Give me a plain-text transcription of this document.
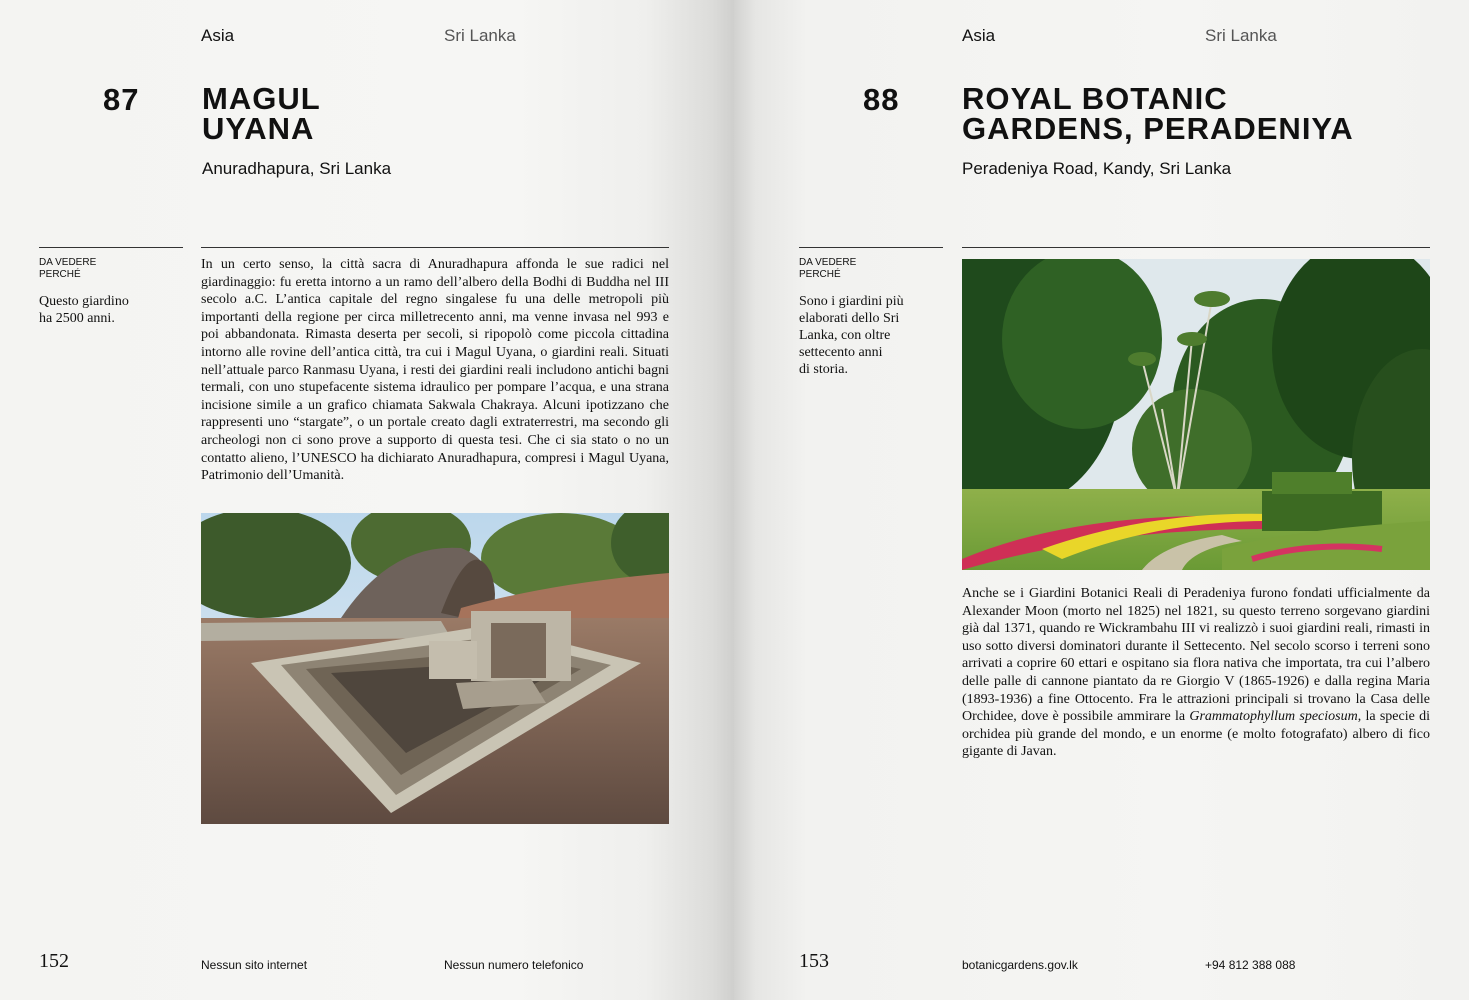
Asia	Sri Lanka
87 MAGUL
UYANA
Anuradhapura, Sri Lanka
DA VEDERE
PERCHÉ
Questo giardino
ha 2500 anni.

In un certo senso, la città sacra di Anuradhapura affonda le sue radici nel giardinaggio: fu eretta intorno a un ramo dell’albero della Bodhi di Buddha nel III secolo a.C. L’antica capitale del regno singalese fu una delle metropoli più importanti della regione per circa milletrecento anni, ma venne invasa nel 993 e poi abbandonata. Rimasta deserta per secoli, si ripopolò come piccola cittadina intorno alle rovine dell’antica città, tra cui i Magul Uyana, o giardini reali. Situati nell’attuale parco Ranmasu Uyana, i resti dei giardini reali includono antichi bagni termali, con uno stupefacente sistema idraulico per pompare l’acqua, e una strana incisione simile a un grafico chiamata Sakwala Chakraya. Alcuni ipotizzano che rappresenti uno “stargate”, o un portale creato dagli extraterrestri, ma secondo gli archeologi non ci sono prove a supporto di questa tesi. Che ci sia stato o no un contatto alieno, l’UNESCO ha dichiarato Anuradhapura, compresi i Magul Uyana, Patrimonio dell’Umanità.

152	Nessun sito internet	Nessun numero telefonico
Asia	Sri Lanka
88 ROYAL BOTANIC
GARDENS, PERADENIYA
Peradeniya Road, Kandy, Sri Lanka
DA VEDERE
PERCHÉ
Sono i giardini più
elaborati dello Sri
Lanka, con oltre
settecento anni
di storia.

Anche se i Giardini Botanici Reali di Peradeniya furono fondati ufficialmente da Alexander Moon (morto nel 1825) nel 1821, su questo terreno sorgevano giardini già dal 1371, quando re Wickrambahu III vi realizzò i suoi giardini reali, rimasti in uso sotto diversi dominatori durante il Settecento. Nel secolo scorso i terreni sono arrivati a coprire 60 ettari e ospitano sia flora nativa che importata, tra cui l’albero delle palle di cannone piantato da re Giorgio V (1865-1926) e dalla regina Maria (1893-1936) a fine Ottocento. Fra le attrazioni principali si trovano la Casa delle Orchidee, dove è possibile ammirare la Grammatophyllum speciosum, la specie di orchidea più grande del mondo, e un enorme (e molto fotografato) albero di fico gigante di Javan.

153	botanicgardens.gov.lk	+94 812 388 088
